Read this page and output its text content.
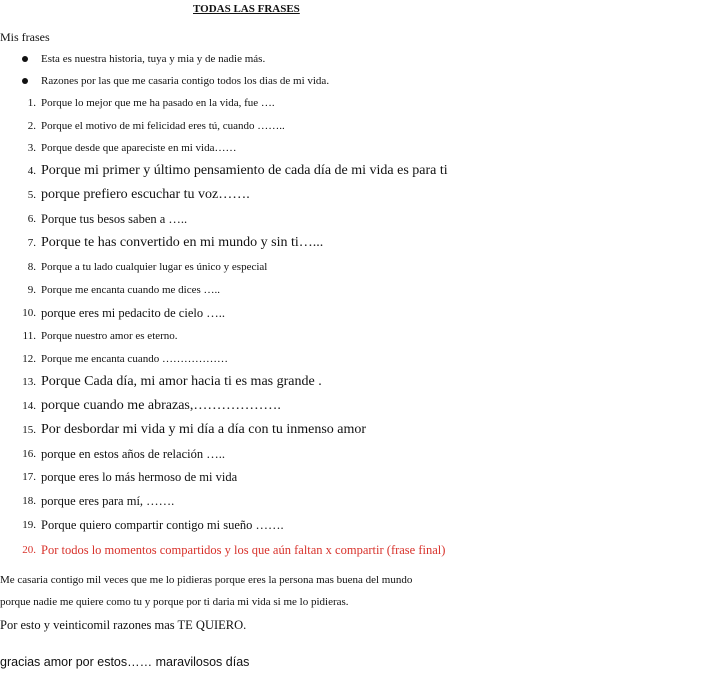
TODAS LAS FRASES
Mis frases
Esta es nuestra historia, tuya y mia y de nadie más.
Razones por las que me casaria contigo todos los dias de mi vida.
1. Porque lo mejor que me ha pasado en la vida, fue ….
2. Porque el motivo de mi felicidad eres tú, cuando ……..
3. Porque desde que apareciste en mi vida……
4. Porque mi primer y último pensamiento de cada día de mi vida es para ti
5. porque prefiero escuchar tu voz…….
6. Porque tus besos saben a …..
7. Porque te has convertido en mi mundo y sin ti…...
8. Porque a tu lado cualquier lugar es único y especial
9. Porque me encanta cuando me dices …..
10. porque eres mi pedacito de cielo …..
11. Porque nuestro amor es eterno.
12. Porque me encanta cuando ………………
13. Porque Cada día, mi amor hacia ti es mas grande .
14. porque cuando me abrazas,……………….
15. Por desbordar mi vida y mi día a día con tu inmenso amor
16. porque en estos años de relación …..
17. porque eres lo más hermoso de mi vida
18. porque eres para mí, …….
19. Porque quiero compartir contigo mi sueño …….
20. Por todos lo momentos compartidos y los que aún faltan x compartir (frase final)
Me casaria contigo mil veces que me lo pidieras porque eres la persona mas buena del mundo
porque nadie me quiere como tu y porque por ti daria mi vida si me lo pidieras.
Por esto y veinticomil razones mas TE QUIERO.
gracias amor por estos…… maravilosos días
